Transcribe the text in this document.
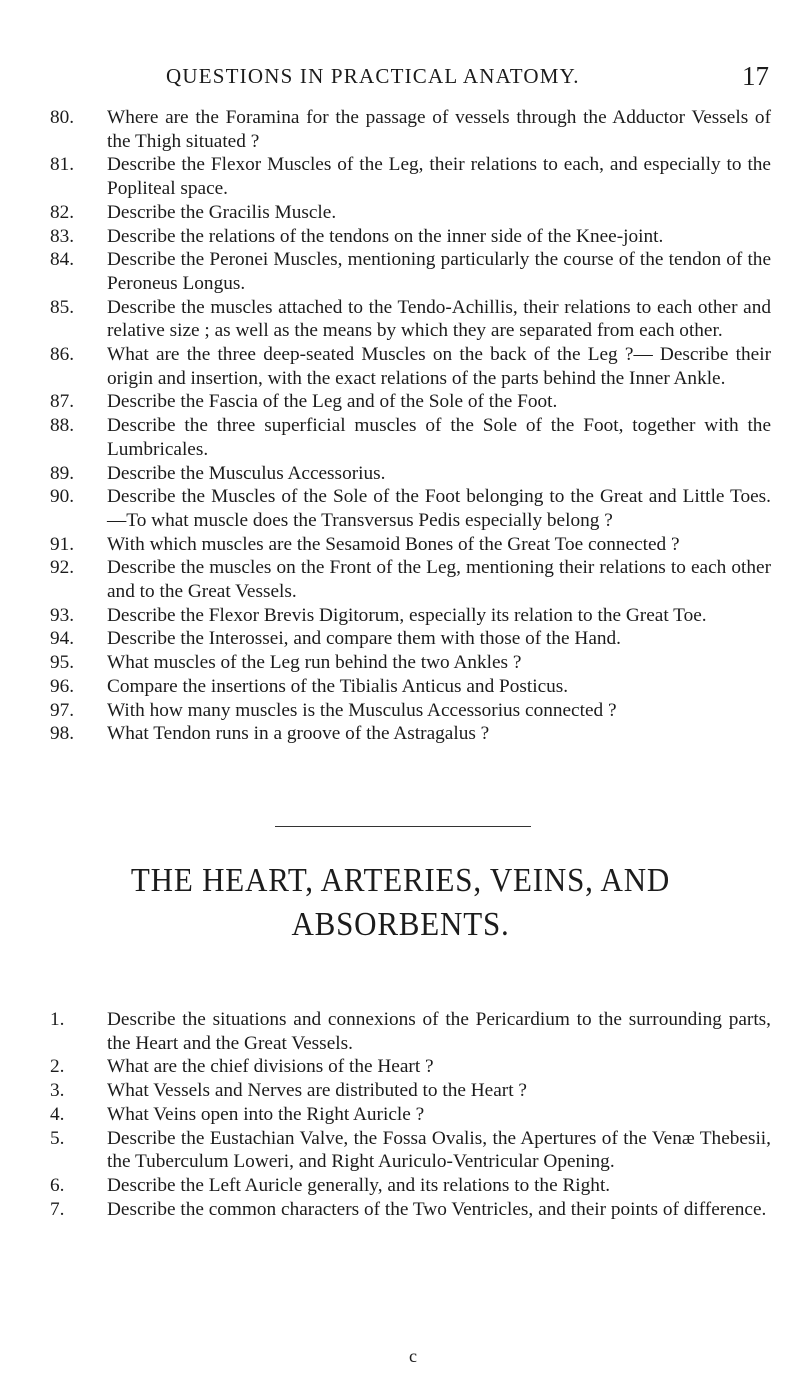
QUESTIONS IN PRACTICAL ANATOMY.	17
80.	Where are the Foramina for the passage of vessels through the Adductor Vessels of the Thigh situated ?
81.	Describe the Flexor Muscles of the Leg, their relations to each, and especially to the Popliteal space.
82.	Describe the Gracilis Muscle.
83.	Describe the relations of the tendons on the inner side of the Knee-joint.
84.	Describe the Peronei Muscles, mentioning particularly the course of the tendon of the Peroneus Longus.
85.	Describe the muscles attached to the Tendo-Achillis, their relations to each other and relative size ; as well as the means by which they are separated from each other.
86.	What are the three deep-seated Muscles on the back of the Leg ?— Describe their origin and insertion, with the exact relations of the parts behind the Inner Ankle.
87.	Describe the Fascia of the Leg and of the Sole of the Foot.
88.	Describe the three superficial muscles of the Sole of the Foot, together with the Lumbricales.
89.	Describe the Musculus Accessorius.
90.	Describe the Muscles of the Sole of the Foot belonging to the Great and Little Toes.—To what muscle does the Transversus Pedis especially belong ?
91.	With which muscles are the Sesamoid Bones of the Great Toe connected ?
92.	Describe the muscles on the Front of the Leg, mentioning their relations to each other and to the Great Vessels.
93.	Describe the Flexor Brevis Digitorum, especially its relation to the Great Toe.
94.	Describe the Interossei, and compare them with those of the Hand.
95.	What muscles of the Leg run behind the two Ankles ?
96.	Compare the insertions of the Tibialis Anticus and Posticus.
97.	With how many muscles is the Musculus Accessorius connected ?
98.	What Tendon runs in a groove of the Astragalus ?
THE HEART, ARTERIES, VEINS, AND
ABSORBENTS.
1.	Describe the situations and connexions of the Pericardium to the surrounding parts, the Heart and the Great Vessels.
2.	What are the chief divisions of the Heart ?
3.	What Vessels and Nerves are distributed to the Heart ?
4.	What Veins open into the Right Auricle ?
5.	Describe the Eustachian Valve, the Fossa Ovalis, the Apertures of the Venæ Thebesii, the Tuberculum Loweri, and Right Auriculo-Ventricular Opening.
6.	Describe the Left Auricle generally, and its relations to the Right.
7.	Describe the common characters of the Two Ventricles, and their points of difference.
c
